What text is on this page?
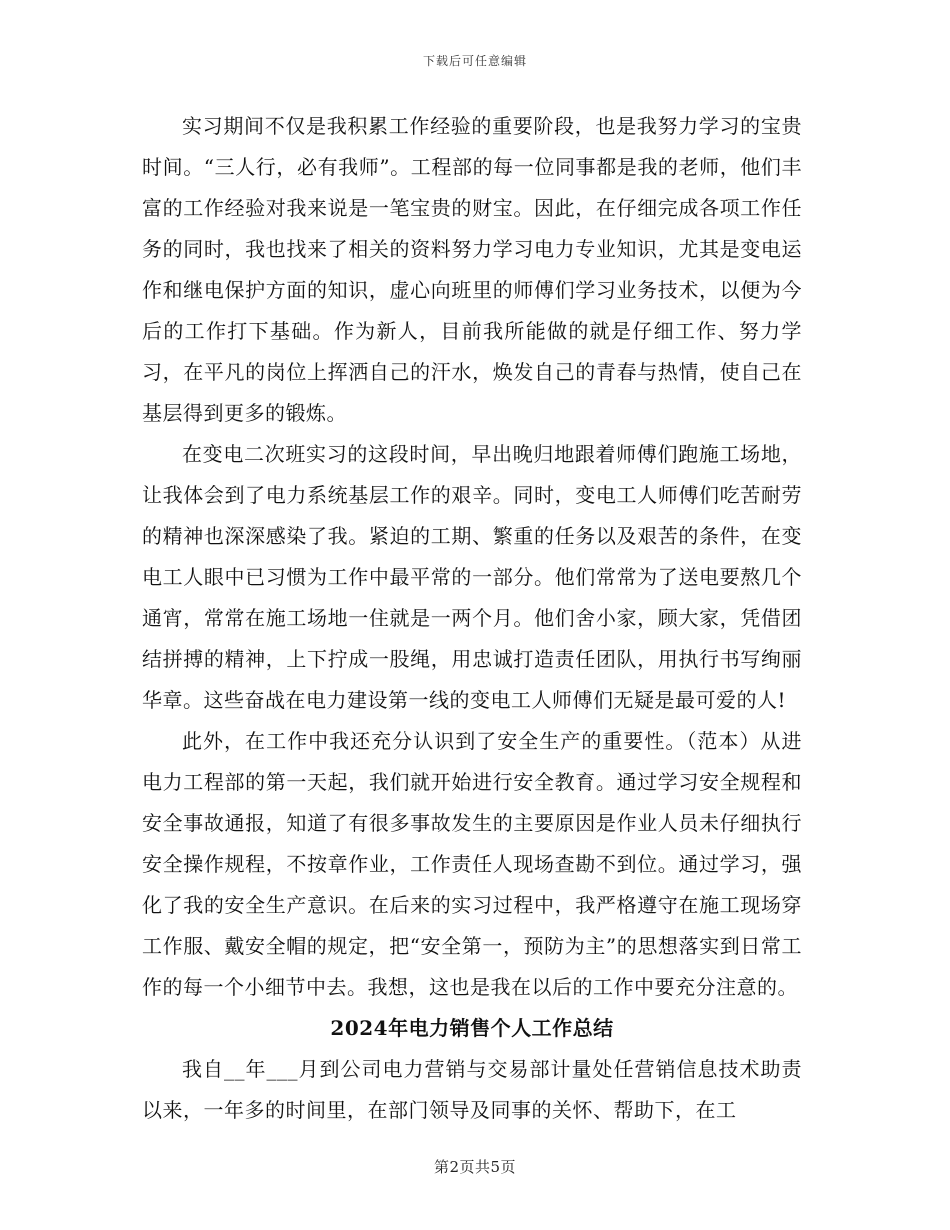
下载后可任意编辑

实习期间不仅是我积累工作经验的重要阶段，也是我努力学习的宝贵时间。“三人行，必有我师”。工程部的每一位同事都是我的老师，他们丰富的工作经验对我来说是一笔宝贵的财宝。因此，在仔细完成各项工作任务的同时，我也找来了相关的资料努力学习电力专业知识，尤其是变电运作和继电保护方面的知识，虚心向班里的师傅们学习业务技术，以便为今后的工作打下基础。作为新人，目前我所能做的就是仔细工作、努力学习，在平凡的岗位上挥洒自己的汗水，焕发自己的青春与热情，使自己在基层得到更多的锻炼。

在变电二次班实习的这段时间，早出晚归地跟着师傅们跑施工场地，让我体会到了电力系统基层工作的艰辛。同时，变电工人师傅们吃苦耐劳的精神也深深感染了我。紧迫的工期、繁重的任务以及艰苦的条件，在变电工人眼中已习惯为工作中最平常的一部分。他们常常为了送电要熬几个通宵，常常在施工场地一住就是一两个月。他们舍小家，顾大家，凭借团结拼搏的精神，上下拧成一股绳，用忠诚打造责任团队，用执行书写绚丽华章。这些奋战在电力建设第一线的变电工人师傅们无疑是最可爱的人!

此外，在工作中我还充分认识到了安全生产的重要性。（范本）从进电力工程部的第一天起，我们就开始进行安全教育。通过学习安全规程和安全事故通报，知道了有很多事故发生的主要原因是作业人员未仔细执行安全操作规程，不按章作业，工作责任人现场查勘不到位。通过学习，强化了我的安全生产意识。在后来的实习过程中，我严格遵守在施工现场穿工作服、戴安全帽的规定，把“安全第一，预防为主”的思想落实到日常工作的每一个小细节中去。我想，这也是我在以后的工作中要充分注意的。

2024年电力销售个人工作总结

我自__年___月到公司电力营销与交易部计量处任营销信息技术助责以来，一年多的时间里，在部门领导及同事的关怀、帮助下，在工

第2页共5页
